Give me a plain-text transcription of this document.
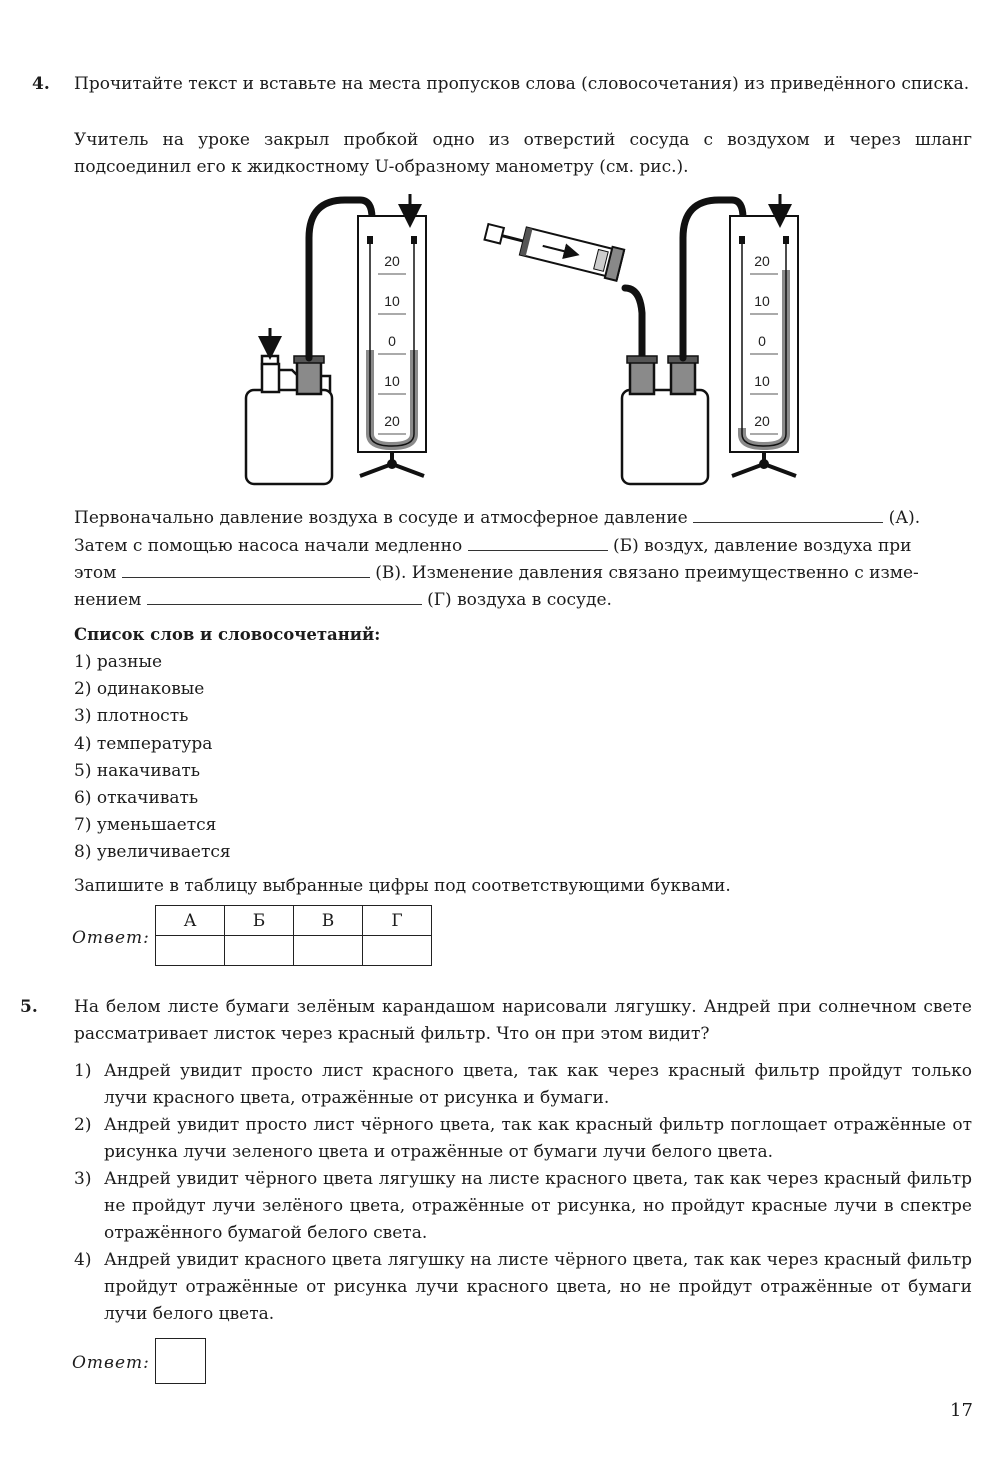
4. Прочитайте текст и вставьте на места пропусков слова (словосочетания) из приведённого списка.
Учитель на уроке закрыл пробкой одно из отверстий сосуда с воздухом и через шланг подсоединил его к жидкостному U-образному манометру (см. рис.).
20
10
0
10
20
20
10
0
10
20
Первоначально давление воздуха в сосуде и атмосферное давление	(А).
Затем с помощью насоса начали медленно	(Б) воздух, давление воздуха при
этом	(В). Изменение давления связано преимущественно с изме-
нением	(Г) воздуха в сосуде.
Список слов и словосочетаний:
1) разные
2) одинаковые
3) плотность
4) температура
5) накачивать
6) откачивать
7) уменьшается
8) увеличивается
Запишите в таблицу выбранные цифры под соответствующими буквами.
Ответ:
А	Б	В	Г

5. На белом листе бумаги зелёным карандашом нарисовали лягушку. Андрей при солнечном свете рассматривает листок через красный фильтр. Что он при этом видит?
1) Андрей увидит просто лист красного цвета, так как через красный фильтр пройдут только лучи красного цвета, отражённые от рисунка и бумаги.
2) Андрей увидит просто лист чёрного цвета, так как красный фильтр поглощает отражённые от рисунка лучи зеленого цвета и отражённые от бумаги лучи белого цвета.
3) Андрей увидит чёрного цвета лягушку на листе красного цвета, так как через красный фильтр не пройдут лучи зелёного цвета, отражённые от рисунка, но пройдут красные лучи в спектре отражённого бумагой белого света.
4) Андрей увидит красного цвета лягушку на листе чёрного цвета, так как через красный фильтр пройдут отражённые от рисунка лучи красного цвета, но не пройдут отражённые от бумаги лучи белого цвета.
Ответ:
17
